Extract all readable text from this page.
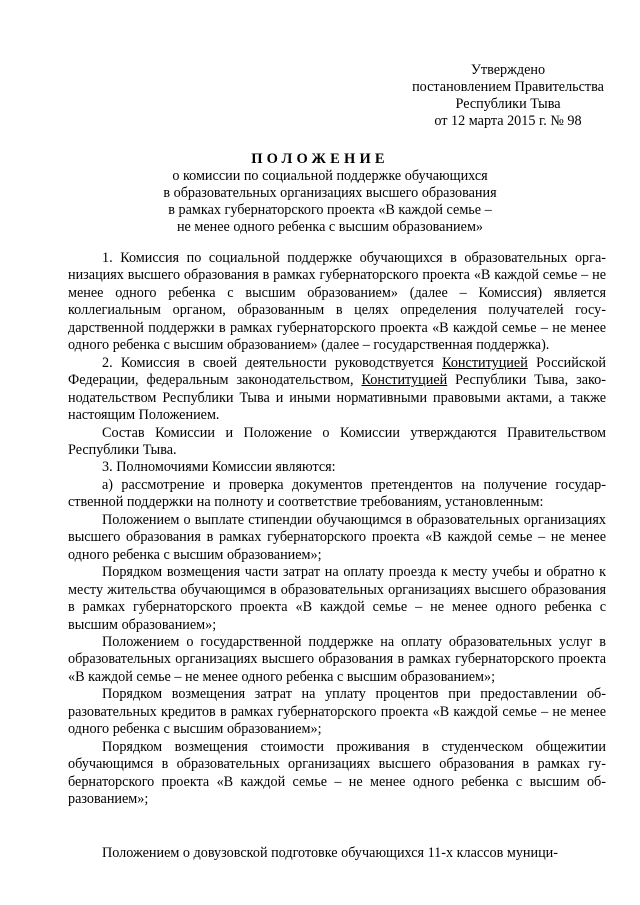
Утверждено
постановлением Правительства
Республики Тыва
от 12 марта 2015 г. № 98
ПОЛОЖЕНИЕ
о комиссии по социальной поддержке обучающихся
в образовательных организациях высшего образования
в рамках губернаторского проекта «В каждой семье –
не менее одного ребенка с высшим образованием»

1. Комиссия по социальной поддержке обучающихся в образовательных организациях высшего образования в рамках губернаторского проекта «В каждой семье – не менее одного ребенка с высшим образованием» (далее – Комиссия) является коллегиальным органом, образованным в целях определения получателей государственной поддержки в рамках губернаторского проекта «В каждой семье – не менее одного ребенка с высшим образованием» (далее – государственная поддержка).

2. Комиссия в своей деятельности руководствуется Конституцией Российской Федерации, федеральным законодательством, Конституцией Республики Тыва, законодательством Республики Тыва и иными нормативными правовыми актами, а также настоящим Положением.

Состав Комиссии и Положение о Комиссии утверждаются Правительством Республики Тыва.

3. Полномочиями Комиссии являются:

а) рассмотрение и проверка документов претендентов на получение государственной поддержки на полноту и соответствие требованиям, установленным:

Положением о выплате стипендии обучающимся в образовательных организациях высшего образования в рамках губернаторского проекта «В каждой семье – не менее одного ребенка с высшим образованием»;

Порядком возмещения части затрат на оплату проезда к месту учебы и обратно к месту жительства обучающимся в образовательных организациях высшего образования в рамках губернаторского проекта «В каждой семье – не менее одного ребенка с высшим образованием»;

Положением о государственной поддержке на оплату образовательных услуг в образовательных организациях высшего образования в рамках губернаторского проекта «В каждой семье – не менее одного ребенка с высшим образованием»;

Порядком возмещения затрат на уплату процентов при предоставлении образовательных кредитов в рамках губернаторского проекта «В каждой семье – не менее одного ребенка с высшим образованием»;

Порядком возмещения стоимости проживания в студенческом общежитии обучающимся в образовательных организациях высшего образования в рамках губернаторского проекта «В каждой семье – не менее одного ребенка с высшим образованием»;

Положением о довузовской подготовке обучающихся 11-х классов муници-
